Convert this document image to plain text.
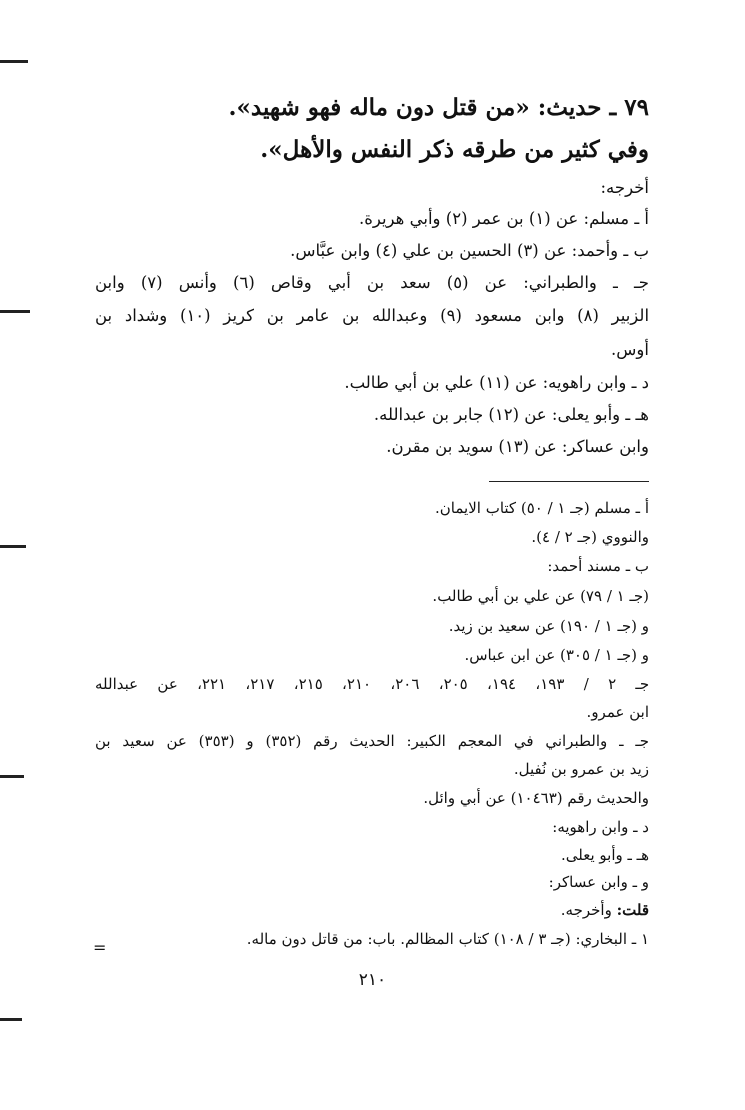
٧٩ ـ حديث: «من قتل دون ماله فهو شهيد».
وفي كثير من طرقه ذكر النفس والأهل».
أخرجه:
أ ـ مسلم: عن (١) بن عمر (٢) وأبي هريرة.
ب ـ وأحمد: عن (٣) الحسين بن علي (٤) وابن عبَّاس.
جـ ـ والطبراني: عن (٥) سعد بن أبي وقاص (٦) وأنس (٧) وابن
الزبير (٨) وابن مسعود (٩) وعبدالله بن عامر بن كريز (١٠) وشداد بن
أوس.
د ـ وابن راهويه: عن (١١) علي بن أبي طالب.
هـ ـ وأبو يعلى: عن (١٢) جابر بن عبدالله.
وابن عساكر: عن (١٣) سويد بن مقرن.
أ ـ مسلم (جـ ١ / ٥٠) كتاب الايمان.
والنووي (جـ ٢ / ٤).
ب ـ مسند أحمد:
(جـ ١ / ٧٩) عن علي بن أبي طالب.
و (جـ ١ / ١٩٠) عن سعيد بن زيد.
و (جـ ١ / ٣٠٥) عن ابن عباس.
جـ ٢ / ١٩٣، ١٩٤، ٢٠٥، ٢٠٦، ٢١٠، ٢١٥، ٢١٧، ٢٢١، عن عبدالله
ابن عمرو.
جـ ـ والطبراني في المعجم الكبير: الحديث رقم (٣٥٢) و (٣٥٣) عن سعيد بن
زيد بن عمرو بن نُفيل.
والحديث رقم (١٠٤٦٣) عن أبي وائل.
د ـ وابن راهويه:
هـ ـ وأبو يعلى.
و ـ وابن عساكر:
قلت: وأخرجه.
١ ـ البخاري: (جـ ٣ / ١٠٨) كتاب المظالم. باب: من قاتل دون ماله.
=
٢١٠
